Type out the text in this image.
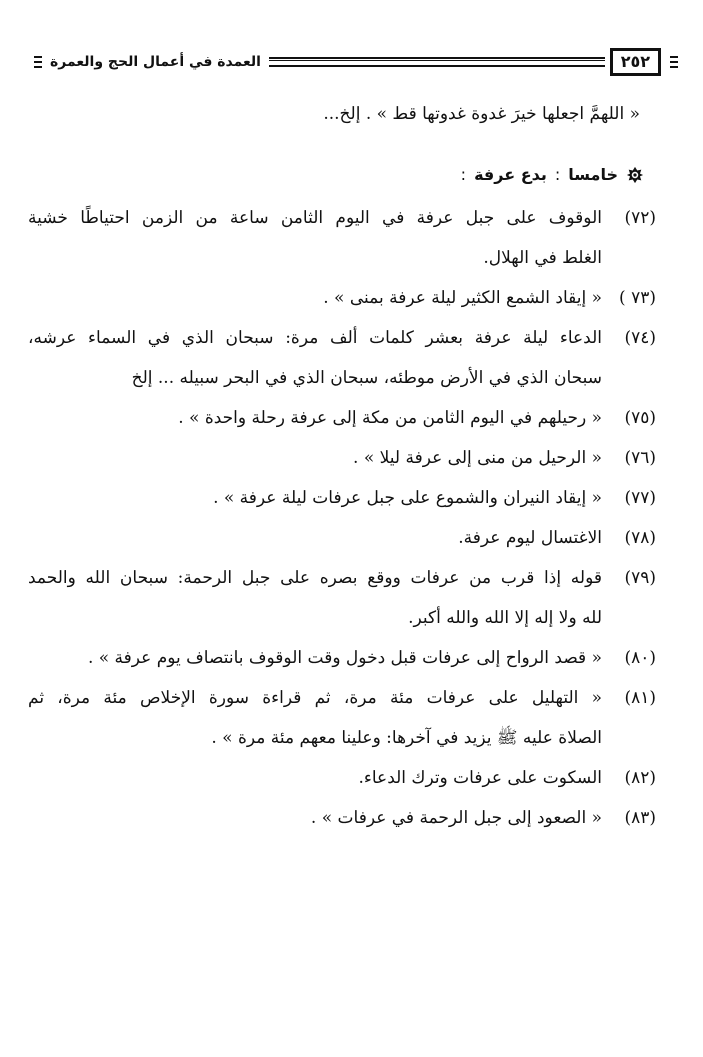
٢٥٢
العمدة في أعمال الحج والعمرة
« اللهمَّ اجعلها خيرَ غدوة غدوتها قط » . إلخ...
خامسا
:
بدع عرفة
:
(٧٢)
الوقوف على جبل عرفة في اليوم الثامن ساعة من الزمن احتياطًا خشية
الغلط في الهلال.
(٧٣ )
« إيقاد الشمع الكثير ليلة عرفة بمنى » .
(٧٤)
الدعاء ليلة عرفة بعشر كلمات ألف مرة: سبحان الذي في السماء عرشه،
سبحان الذي في الأرض موطئه، سبحان الذي في البحر سبيله ... إلخ
(٧٥)
« رحيلهم في اليوم الثامن من مكة إلى عرفة رحلة واحدة » .
(٧٦)
« الرحيل من منى إلى عرفة ليلا » .
(٧٧)
« إيقاد النيران والشموع على جبل عرفات ليلة عرفة » .
(٧٨)
الاغتسال ليوم عرفة.
(٧٩)
قوله إذا قرب من عرفات ووقع بصره على جبل الرحمة: سبحان الله والحمد
لله ولا إله إلا الله والله أكبر.
(٨٠)
« قصد الرواح إلى عرفات قبل دخول وقت الوقوف بانتصاف يوم عرفة » .
(٨١)
« التهليل على عرفات مئة مرة، ثم قراءة سورة الإخلاص مئة مرة، ثم
الصلاة عليه ﷺ يزيد في آخرها: وعلينا معهم مئة مرة » .
(٨٢)
السكوت على عرفات وترك الدعاء.
(٨٣)
« الصعود إلى جبل الرحمة في عرفات » .
